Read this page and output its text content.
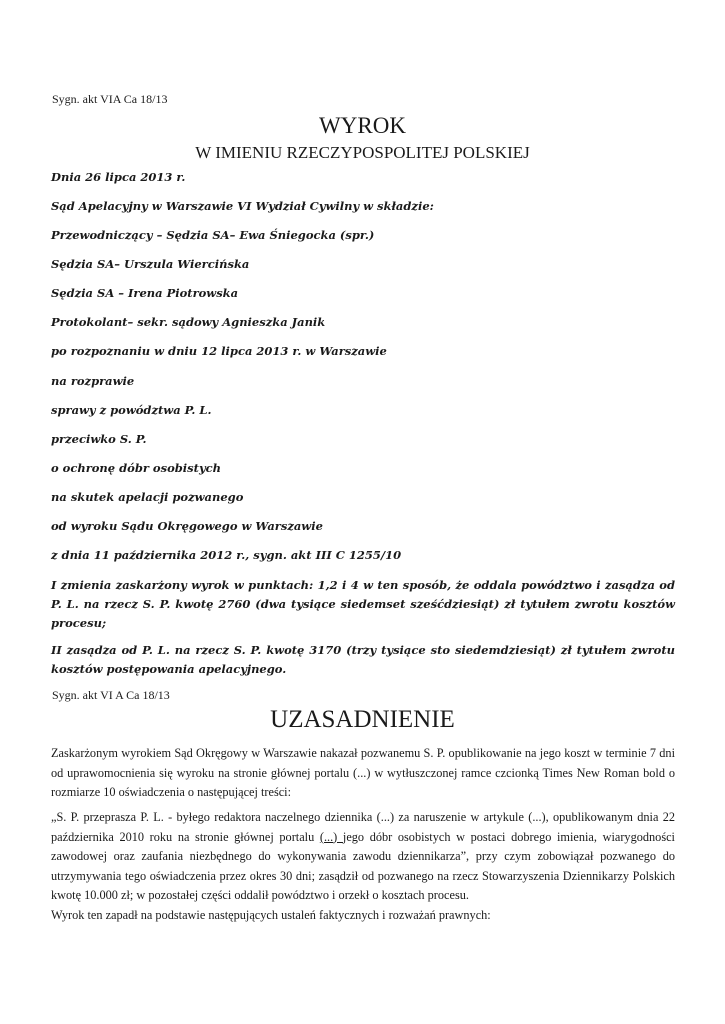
Sygn. akt VIA Ca 18/13
WYROK
W IMIENIU RZECZYPOSPOLITEJ POLSKIEJ
Dnia 26 lipca 2013 r.
Sąd Apelacyjny w Warszawie VI Wydział Cywilny w składzie:
Przewodniczący – Sędzia SA– Ewa Śniegocka (spr.)
Sędzia SA– Urszula Wiercińska
Sędzia SA – Irena Piotrowska
Protokolant– sekr. sądowy Agnieszka Janik
po rozpoznaniu w dniu 12 lipca 2013 r. w Warszawie
na rozprawie
sprawy z powództwa P. L.
przeciwko S. P.
o ochronę dóbr osobistych
na skutek apelacji pozwanego
od wyroku Sądu Okręgowego w Warszawie
z dnia 11 października 2012 r., sygn. akt III C 1255/10
I zmienia zaskarżony wyrok w punktach: 1,2 i 4 w ten sposób, że oddala powództwo i zasądza od P. L. na rzecz S. P. kwotę 2760 (dwa tysiące siedemset sześćdziesiąt) zł tytułem zwrotu kosztów procesu;
II zasądza od P. L. na rzecz S. P. kwotę 3170 (trzy tysiące sto siedemdziesiąt) zł tytułem zwrotu kosztów postępowania apelacyjnego.
Sygn. akt VI A Ca 18/13
UZASADNIENIE
Zaskarżonym wyrokiem Sąd Okręgowy w Warszawie nakazał pozwanemu S. P. opublikowanie na jego koszt w terminie 7 dni od uprawomocnienia się wyroku na stronie głównej portalu (...) w wytłuszczonej ramce czcionką Times New Roman bold o rozmiarze 10 oświadczenia o następującej treści:
„S. P. przeprasza P. L. - byłego redaktora naczelnego dziennika (...) za naruszenie w artykule (...), opublikowanym dnia 22 października 2010 roku na stronie głównej portalu (...) jego dóbr osobistych w postaci dobrego imienia, wiarygodności zawodowej oraz zaufania niezbędnego do wykonywania zawodu dziennikarza”, przy czym zobowiązał pozwanego do utrzymywania tego oświadczenia przez okres 30 dni; zasądził od pozwanego na rzecz Stowarzyszenia Dziennikarzy Polskich kwotę 10.000 zł; w pozostałej części oddalił powództwo i orzekł o kosztach procesu.
Wyrok ten zapadł na podstawie następujących ustaleń faktycznych i rozważań prawnych:
